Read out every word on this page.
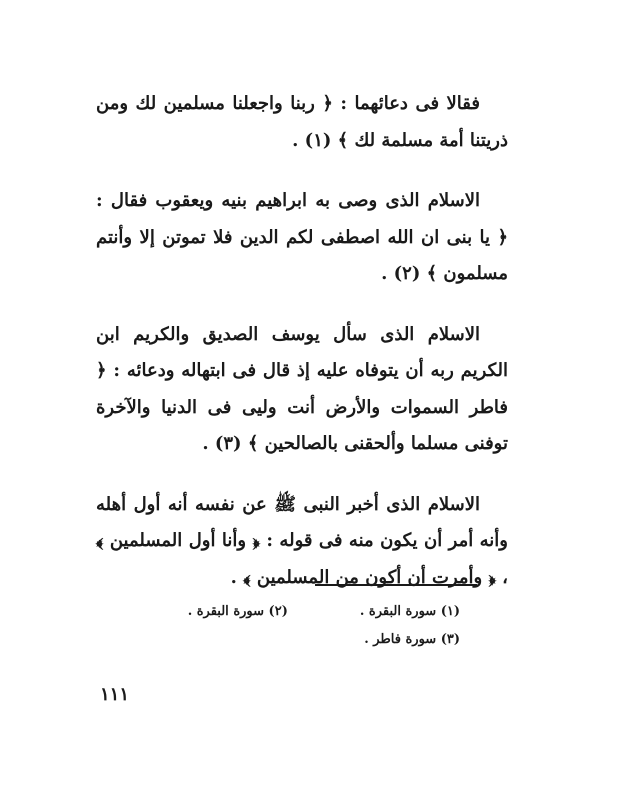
فقالا فى دعائهما : ﴿ ربنا واجعلنا مسلمين لك ومن ذريتنا أمة مسلمة لك ﴾ (١) .

الاسلام الذى وصى به ابراهيم بنيه ويعقوب فقال : ﴿ يا بنى ان الله اصطفى لكم الدين فلا تموتن إلا وأنتم مسلمون ﴾ (٢) .

الاسلام الذى سأل يوسف الصديق والكريم ابن الكريم ربه أن يتوفاه عليه إذ قال فى ابتهاله ودعائه : ﴿ فاطر السموات والأرض أنت وليى فى الدنيا والآخرة توفنى مسلما وألحقنى بالصالحين ﴾ (٣) .

الاسلام الذى أخبر النبى ﷺ عن نفسه أنه أول أهله وأنه أمر أن يكون منه فى قوله : ﴿ وأنا أول المسلمين ﴾ ، ﴿ وأمرت أن أكون من المسلمين ﴾ .

(١) سورة البقرة .
(٢) سورة البقرة .
(٣) سورة فاطر .
١١١
